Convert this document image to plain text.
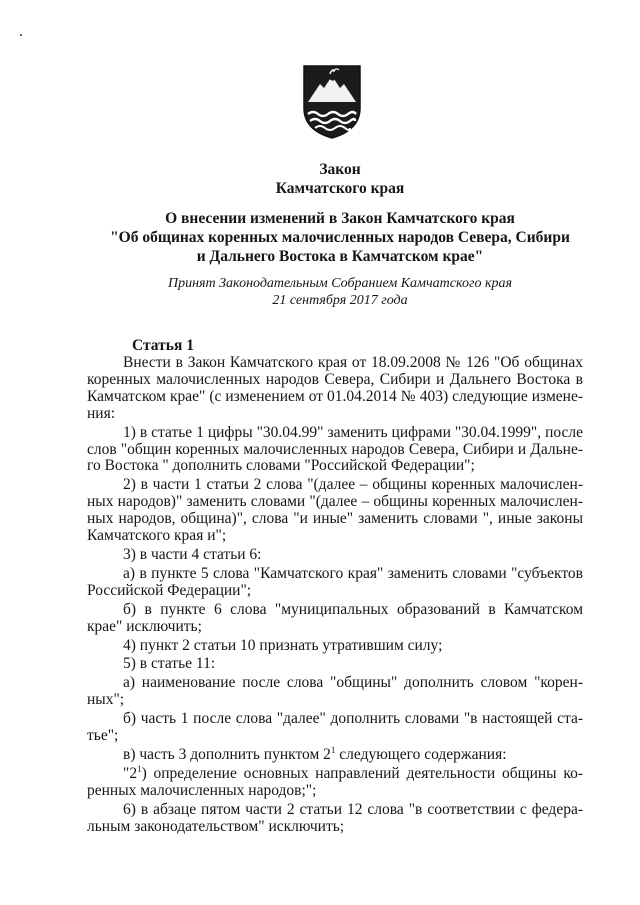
Закон
Камчатского края
О внесении изменений в Закон Камчатского края
"Об общинах коренных малочисленных народов Севера, Сибири
и Дальнего Востока в Камчатском крае"
Принят Законодательным Собранием Камчатского края
21 сентября 2017 года
Статья 1

Внести в Закон Камчатского края от 18.09.2008 № 126 "Об общинах коренных малочисленных народов Севера, Сибири и Дальнего Востока в Камчатском крае" (с изменением от 01.04.2014 № 403) следующие измене-ния:

1) в статье 1 цифры "30.04.99" заменить цифрами "30.04.1999", после слов "общин коренных малочисленных народов Севера, Сибири и Дальне-го Востока " дополнить словами "Российской Федерации";

2) в части 1 статьи 2 слова "(далее – общины коренных малочислен-ных народов)" заменить словами "(далее – общины коренных малочислен-ных народов, община)", слова "и иные" заменить словами ", иные законы Камчатского края и";

3) в части 4 статьи 6:

а) в пункте 5 слова "Камчатского края" заменить словами "субъектов Российской Федерации";

б) в пункте 6 слова "муниципальных образований в Камчатском крае" исключить;

4) пункт 2 статьи 10 признать утратившим силу;

5) в статье 11:

а) наименование после слова "общины" дополнить словом "корен-ных";

б) часть 1 после слова "далее" дополнить словами "в настоящей ста-тье";

в) часть 3 дополнить пунктом $2^1$ следующего содержания:

"$2^1$) определение основных направлений деятельности общины ко-ренных малочисленных народов;";

6) в абзаце пятом части 2 статьи 12 слова "в соответствии с федера-льным законодательством" исключить;
